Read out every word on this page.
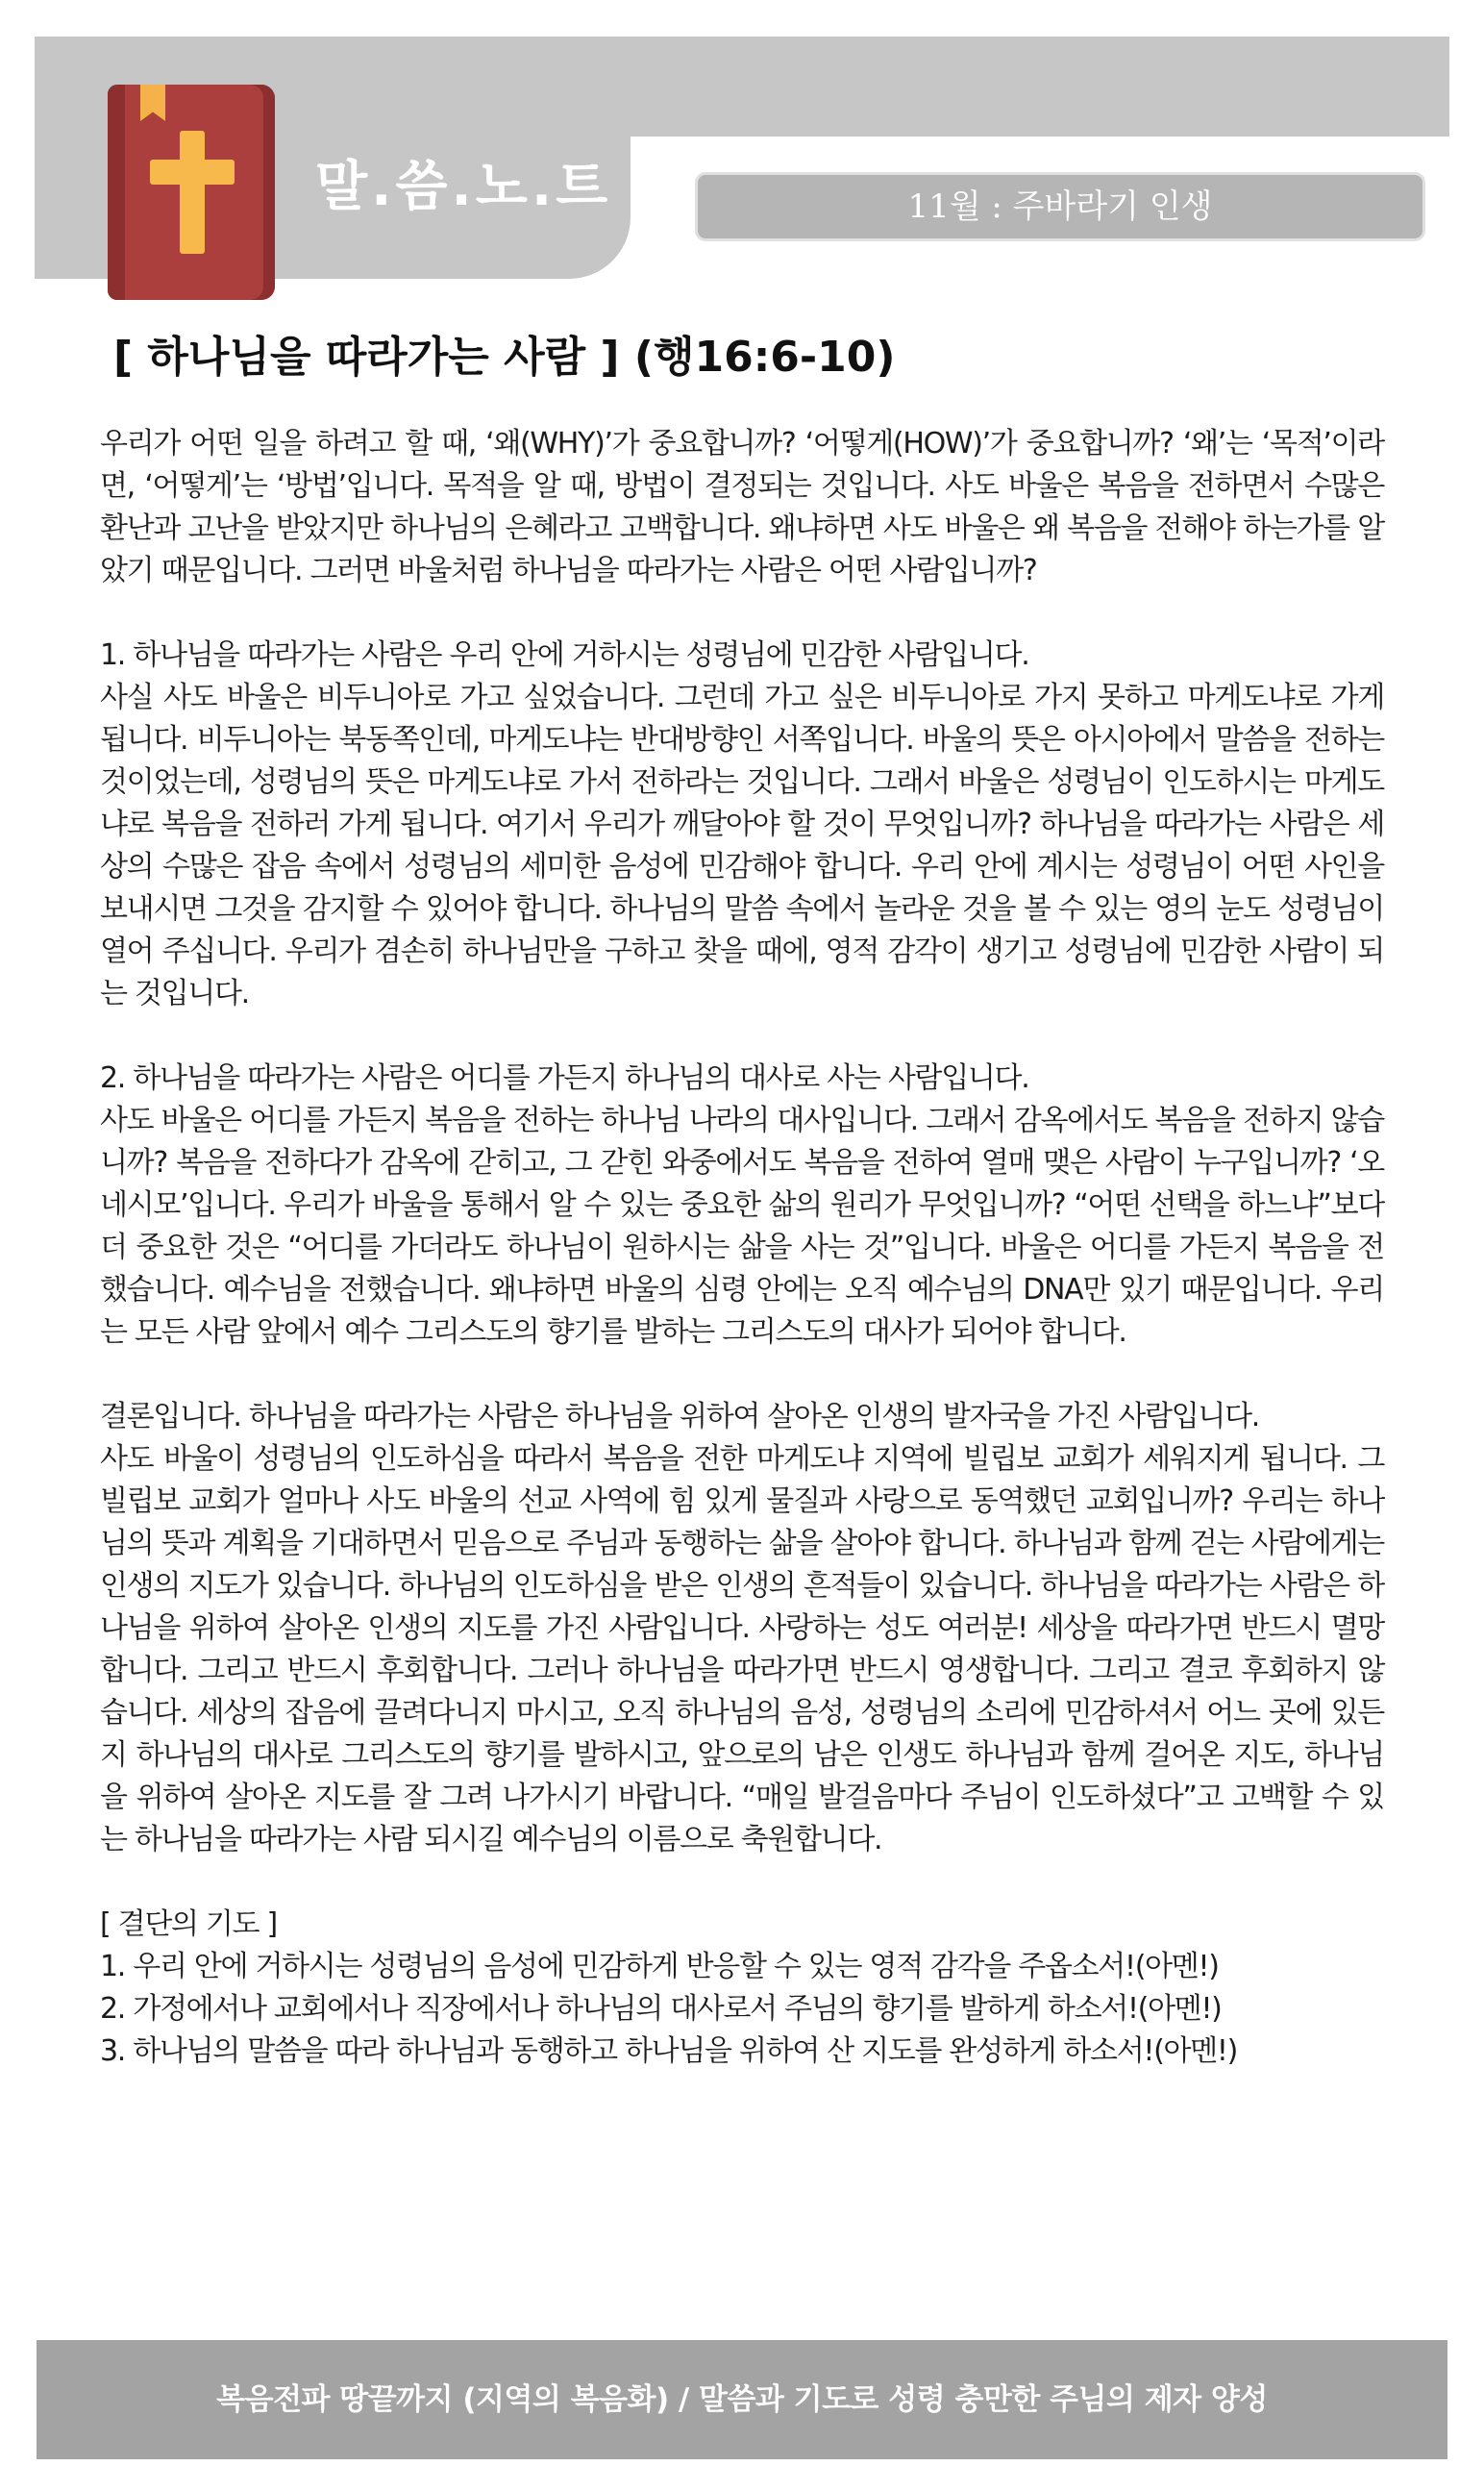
말.씀.노.트	11월 : 주바라기 인생
[ 하나님을 따라가는 사람 ] (행16:6-10)

우리가 어떤 일을 하려고 할 때, ‘왜(WHY)’가 중요합니까? ‘어떻게(HOW)’가 중요합니까? ‘왜’는 ‘목적’이라면, ‘어떻게’는 ‘방법’입니다. 목적을 알 때, 방법이 결정되는 것입니다. 사도 바울은 복음을 전하면서 수많은 환난과 고난을 받았지만 하나님의 은혜라고 고백합니다. 왜냐하면 사도 바울은 왜 복음을 전해야 하는가를 알았기 때문입니다. 그러면 바울처럼 하나님을 따라가는 사람은 어떤 사람입니까?

1. 하나님을 따라가는 사람은 우리 안에 거하시는 성령님에 민감한 사람입니다.

사실 사도 바울은 비두니아로 가고 싶었습니다. 그런데 가고 싶은 비두니아로 가지 못하고 마게도냐로 가게 됩니다. 비두니아는 북동쪽인데, 마게도냐는 반대방향인 서쪽입니다. 바울의 뜻은 아시아에서 말씀을 전하는 것이었는데, 성령님의 뜻은 마게도냐로 가서 전하라는 것입니다. 그래서 바울은 성령님이 인도하시는 마게도냐로 복음을 전하러 가게 됩니다. 여기서 우리가 깨달아야 할 것이 무엇입니까? 하나님을 따라가는 사람은 세상의 수많은 잡음 속에서 성령님의 세미한 음성에 민감해야 합니다. 우리 안에 계시는 성령님이 어떤 사인을 보내시면 그것을 감지할 수 있어야 합니다. 하나님의 말씀 속에서 놀라운 것을 볼 수 있는 영의 눈도 성령님이 열어 주십니다. 우리가 겸손히 하나님만을 구하고 찾을 때에, 영적 감각이 생기고 성령님에 민감한 사람이 되는 것입니다.

2. 하나님을 따라가는 사람은 어디를 가든지 하나님의 대사로 사는 사람입니다.

사도 바울은 어디를 가든지 복음을 전하는 하나님 나라의 대사입니다. 그래서 감옥에서도 복음을 전하지 않습니까? 복음을 전하다가 감옥에 갇히고, 그 갇힌 와중에서도 복음을 전하여 열매 맺은 사람이 누구입니까? ‘오네시모’입니다. 우리가 바울을 통해서 알 수 있는 중요한 삶의 원리가 무엇입니까? “어떤 선택을 하느냐”보다 더 중요한 것은 “어디를 가더라도 하나님이 원하시는 삶을 사는 것”입니다. 바울은 어디를 가든지 복음을 전했습니다. 예수님을 전했습니다. 왜냐하면 바울의 심령 안에는 오직 예수님의 DNA만 있기 때문입니다. 우리는 모든 사람 앞에서 예수 그리스도의 향기를 발하는 그리스도의 대사가 되어야 합니다.

결론입니다. 하나님을 따라가는 사람은 하나님을 위하여 살아온 인생의 발자국을 가진 사람입니다.

사도 바울이 성령님의 인도하심을 따라서 복음을 전한 마게도냐 지역에 빌립보 교회가 세워지게 됩니다. 그 빌립보 교회가 얼마나 사도 바울의 선교 사역에 힘 있게 물질과 사랑으로 동역했던 교회입니까? 우리는 하나님의 뜻과 계획을 기대하면서 믿음으로 주님과 동행하는 삶을 살아야 합니다. 하나님과 함께 걷는 사람에게는 인생의 지도가 있습니다. 하나님의 인도하심을 받은 인생의 흔적들이 있습니다. 하나님을 따라가는 사람은 하나님을 위하여 살아온 인생의 지도를 가진 사람입니다. 사랑하는 성도 여러분! 세상을 따라가면 반드시 멸망합니다. 그리고 반드시 후회합니다. 그러나 하나님을 따라가면 반드시 영생합니다. 그리고 결코 후회하지 않습니다. 세상의 잡음에 끌려다니지 마시고, 오직 하나님의 음성, 성령님의 소리에 민감하셔서 어느 곳에 있든지 하나님의 대사로 그리스도의 향기를 발하시고, 앞으로의 남은 인생도 하나님과 함께 걸어온 지도, 하나님을 위하여 살아온 지도를 잘 그려 나가시기 바랍니다. “매일 발걸음마다 주님이 인도하셨다”고 고백할 수 있는 하나님을 따라가는 사람 되시길 예수님의 이름으로 축원합니다.

[ 결단의 기도 ]

1. 우리 안에 거하시는 성령님의 음성에 민감하게 반응할 수 있는 영적 감각을 주옵소서!(아멘!)

2. 가정에서나 교회에서나 직장에서나 하나님의 대사로서 주님의 향기를 발하게 하소서!(아멘!)

3. 하나님의 말씀을 따라 하나님과 동행하고 하나님을 위하여 산 지도를 완성하게 하소서!(아멘!)

복음전파 땅끝까지 (지역의 복음화) / 말씀과 기도로 성령 충만한 주님의 제자 양성
